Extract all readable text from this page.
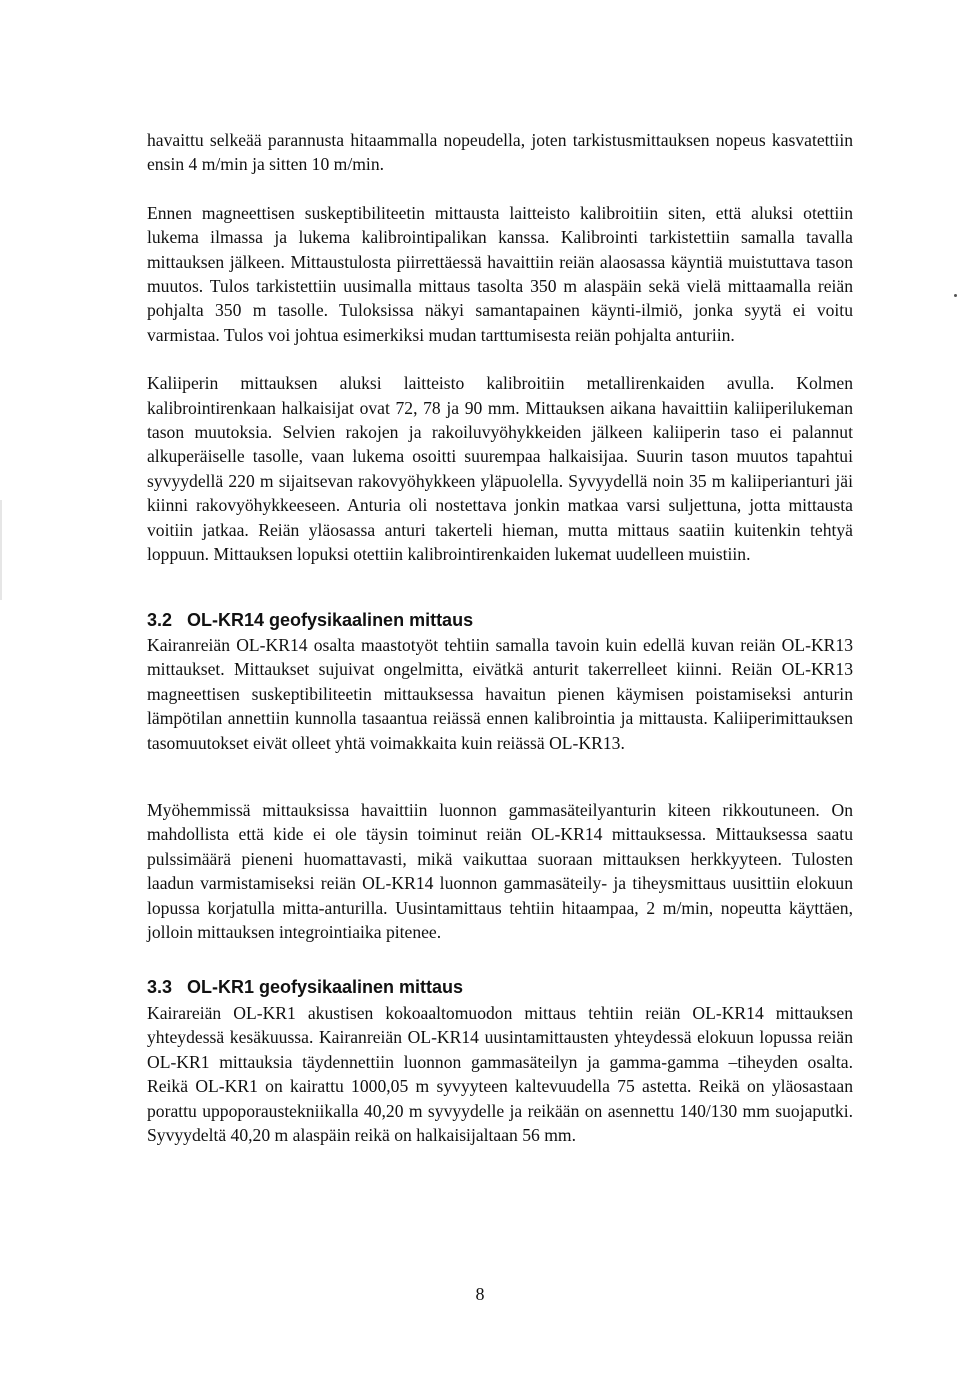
havaittu selkeää parannusta hitaammalla nopeudella, joten tarkistusmittauksen nopeus kasvatettiin ensin 4 m/min ja sitten 10 m/min.

Ennen magneettisen suskeptibiliteetin mittausta laitteisto kalibroitiin siten, että aluksi otettiin lukema ilmassa ja lukema kalibrointipalikan kanssa. Kalibrointi tarkistettiin samalla tavalla mittauksen jälkeen. Mittaustulosta piirrettäessä havaittiin reiän alaosassa käyntiä muistuttava tason muutos. Tulos tarkistettiin uusimalla mittaus tasolta 350 m alaspäin sekä vielä mittaamalla reiän pohjalta 350 m tasolle. Tuloksissa näkyi samantapainen käynti-ilmiö, jonka syytä ei voitu varmistaa. Tulos voi johtua esimerkiksi mudan tarttumisesta reiän pohjalta anturiin.

Kaliiperin mittauksen aluksi laitteisto kalibroitiin metallirenkaiden avulla. Kolmen kalibrointirenkaan halkaisijat ovat 72, 78 ja 90 mm. Mittauksen aikana havaittiin kaliiperilukeman tason muutoksia. Selvien rakojen ja rakoiluvyöhykkeiden jälkeen kaliiperin taso ei palannut alkuperäiselle tasolle, vaan lukema osoitti suurempaa halkaisijaa. Suurin tason muutos tapahtui syvyydellä 220 m sijaitsevan rakovyöhykkeen yläpuolella. Syvyydellä noin 35 m kaliiperianturi jäi kiinni rakovyöhykkeeseen. Anturia oli nostettava jonkin matkaa varsi suljettuna, jotta mittausta voitiin jatkaa. Reiän yläosassa anturi takerteli hieman, mutta mittaus saatiin kuitenkin tehtyä loppuun. Mittauksen lopuksi otettiin kalibrointirenkaiden lukemat uudelleen muistiin.

3.2 OL-KR14 geofysikaalinen mittaus

Kairanreiän OL-KR14 osalta maastotyöt tehtiin samalla tavoin kuin edellä kuvan reiän OL-KR13 mittaukset. Mittaukset sujuivat ongelmitta, eivätkä anturit takerrelleet kiinni. Reiän OL-KR13 magneettisen suskeptibiliteetin mittauksessa havaitun pienen käymisen poistamiseksi anturin lämpötilan annettiin kunnolla tasaantua reiässä ennen kalibrointia ja mittausta. Kaliiperimittauksen tasomuutokset eivät olleet yhtä voimakkaita kuin reiässä OL-KR13.

Myöhemmissä mittauksissa havaittiin luonnon gammasäteilyanturin kiteen rikkoutuneen. On mahdollista että kide ei ole täysin toiminut reiän OL-KR14 mittauksessa. Mittauksessa saatu pulssimäärä pieneni huomattavasti, mikä vaikuttaa suoraan mittauksen herkkyyteen. Tulosten laadun varmistamiseksi reiän OL-KR14 luonnon gammasäteily- ja tiheysmittaus uusittiin elokuun lopussa korjatulla mitta-anturilla. Uusintamittaus tehtiin hitaampaa, 2 m/min, nopeutta käyttäen, jolloin mittauksen integrointiaika pitenee.

3.3 OL-KR1 geofysikaalinen mittaus

Kairareiän OL-KR1 akustisen kokoaaltomuodon mittaus tehtiin reiän OL-KR14 mittauksen yhteydessä kesäkuussa. Kairanreiän OL-KR14 uusintamittausten yhteydessä elokuun lopussa reiän OL-KR1 mittauksia täydennettiin luonnon gammasäteilyn ja gamma-gamma –tiheyden osalta. Reikä OL-KR1 on kairattu 1000,05 m syvyyteen kaltevuudella 75 astetta. Reikä on yläosastaan porattu uppoporaustekniikalla 40,20 m syvyydelle ja reikään on asennettu 140/130 mm suojaputki. Syvyydeltä 40,20 m alaspäin reikä on halkaisijaltaan 56 mm.

8
